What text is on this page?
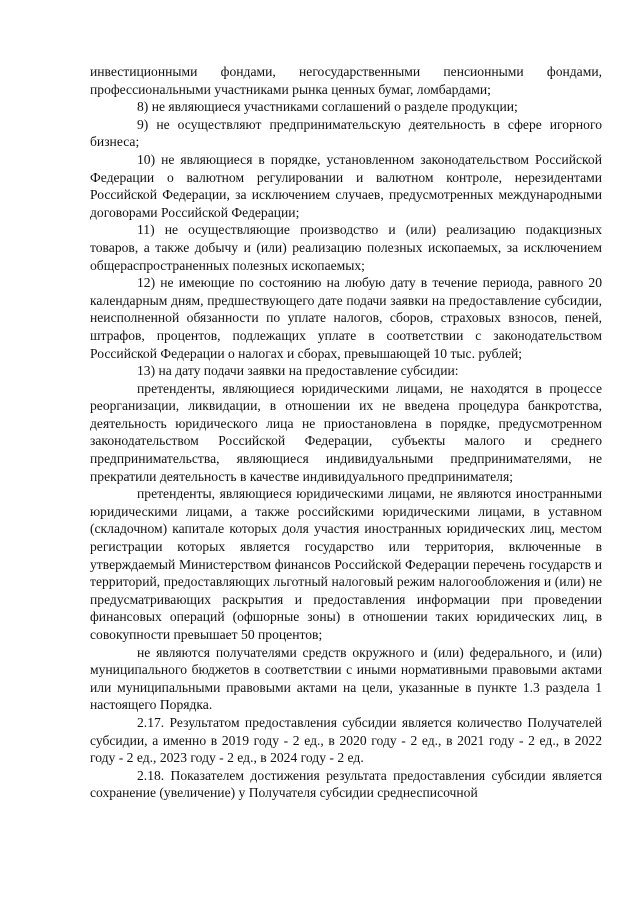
инвестиционными фондами, негосударственными пенсионными фондами, профессиональными участниками рынка ценных бумаг, ломбардами;

8) не являющиеся участниками соглашений о разделе продукции;

9) не осуществляют предпринимательскую деятельность в сфере игорного бизнеса;

10) не являющиеся в порядке, установленном законодательством Российской Федерации о валютном регулировании и валютном контроле, нерезидентами Российской Федерации, за исключением случаев, предусмотренных международными договорами Российской Федерации;

11) не осуществляющие производство и (или) реализацию подакцизных товаров, а также добычу и (или) реализацию полезных ископаемых, за исключением общераспространенных полезных ископаемых;

12) не имеющие по состоянию на любую дату в течение периода, равного 20 календарным дням, предшествующего дате подачи заявки на предоставление субсидии, неисполненной обязанности по уплате налогов, сборов, страховых взносов, пеней, штрафов, процентов, подлежащих уплате в соответствии с законодательством Российской Федерации о налогах и сборах, превышающей 10 тыс. рублей;

13) на дату подачи заявки на предоставление субсидии:

претенденты, являющиеся юридическими лицами, не находятся в процессе реорганизации, ликвидации, в отношении их не введена процедура банкротства, деятельность юридического лица не приостановлена в порядке, предусмотренном законодательством Российской Федерации, субъекты малого и среднего предпринимательства, являющиеся индивидуальными предпринимателями, не прекратили деятельность в качестве индивидуального предпринимателя;

претенденты, являющиеся юридическими лицами, не являются иностранными юридическими лицами, а также российскими юридическими лицами, в уставном (складочном) капитале которых доля участия иностранных юридических лиц, местом регистрации которых является государство или территория, включенные в утверждаемый Министерством финансов Российской Федерации перечень государств и территорий, предоставляющих льготный налоговый режим налогообложения и (или) не предусматривающих раскрытия и предоставления информации при проведении финансовых операций (офшорные зоны) в отношении таких юридических лиц, в совокупности превышает 50 процентов;

не являются получателями средств окружного и (или) федерального, и (или) муниципального бюджетов в соответствии с иными нормативными правовыми актами или муниципальными правовыми актами на цели, указанные в пункте 1.3 раздела 1 настоящего Порядка.

2.17. Результатом предоставления субсидии является количество Получателей субсидии, а именно в 2019 году - 2 ед., в 2020 году - 2 ед., в 2021 году - 2 ед., в 2022 году - 2 ед., 2023 году - 2 ед., в 2024 году - 2 ед.

2.18. Показателем достижения результата предоставления субсидии является сохранение (увеличение) у Получателя субсидии среднесписочной
